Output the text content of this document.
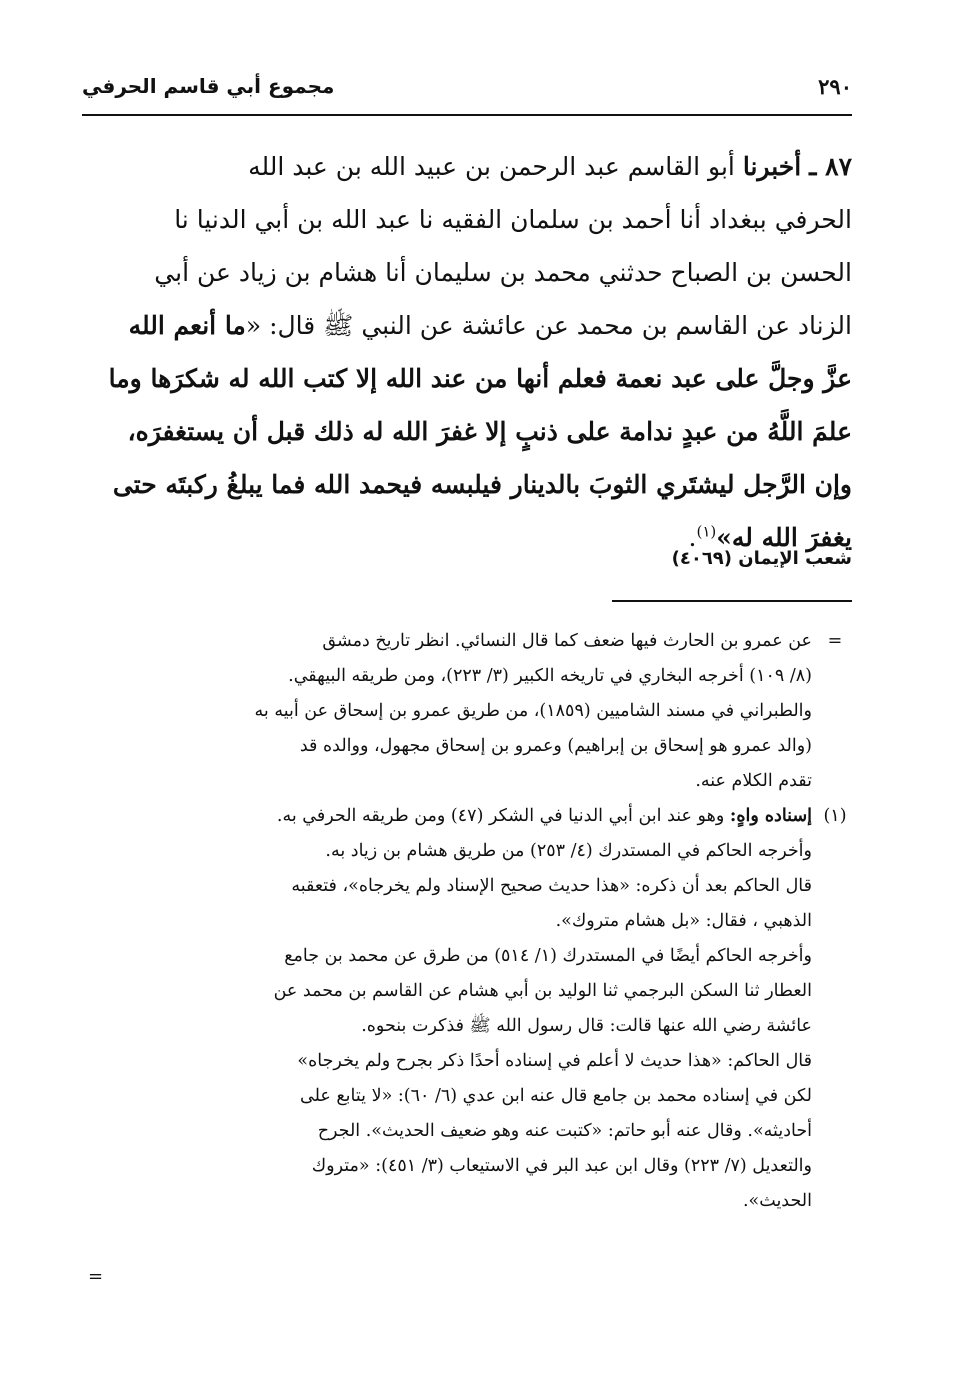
٢٩٠
مجموع أبي قاسم الحرفي
٨٧ ـ أخبرنا أبو القاسم عبد الرحمن بن عبيد الله بن عبد الله
الحرفي ببغداد أنا أحمد بن سلمان الفقيه نا عبد الله بن أبي الدنيا نا
الحسن بن الصباح حدثني محمد بن سليمان أنا هشام بن زياد عن أبي
الزناد عن القاسم بن محمد عن عائشة عن النبي ﷺ قال: «ما أنعم الله
عزَّ وجلَّ على عبد نعمة فعلم أنها من عند الله إلا كتب الله له شكرَها وما
علمَ اللَّهُ من عبدٍ ندامة على ذنبٍ إلا غفرَ الله له ذلك قبل أن يستغفرَه،
وإن الرَّجل ليشتَري الثوبَ بالدينار فيلبسه فيحمد الله فما يبلغُ ركبتَه حتى
يغفرَ الله له»$^{(١)}$.
شعب الإيمان (٤٠٦٩)
=
عن عمرو بن الحارث فيها ضعف كما قال النسائي. انظر تاريخ دمشق
(٨/ ١٠٩) أخرجه البخاري في تاريخه الكبير (٣/ ٢٢٣)، ومن طريقه البيهقي.
والطبراني في مسند الشاميين (١٨٥٩)، من طريق عمرو بن إسحاق عن أبيه به
(والد عمرو هو إسحاق بن إبراهيم) وعمرو بن إسحاق مجهول، ووالده قد
تقدم الكلام عنه.
(١)
إسناده واهٍ: وهو عند ابن أبي الدنيا في الشكر (٤٧) ومن طريقه الحرفي به.
وأخرجه الحاكم في المستدرك (٤/ ٢٥٣) من طريق هشام بن زياد به.
قال الحاكم بعد أن ذكره: «هذا حديث صحيح الإسناد ولم يخرجاه»، فتعقبه
الذهبي ، فقال: «بل هشام متروك».
وأخرجه الحاكم أيضًا في المستدرك (١/ ٥١٤) من طرق عن محمد بن جامع
العطار ثنا السكن البرجمي ثنا الوليد بن أبي هشام عن القاسم بن محمد عن
عائشة رضي الله عنها قالت: قال رسول الله ﷺ فذكرت بنحوه.
قال الحاكم: «هذا حديث لا أعلم في إسناده أحدًا ذكر بجرح ولم يخرجاه»
لكن في إسناده محمد بن جامع قال عنه ابن عدي (٦/ ٦٠): «لا يتابع على
أحاديثه». وقال عنه أبو حاتم: «كتبت عنه وهو ضعيف الحديث». الجرح
والتعديل (٧/ ٢٢٣) وقال ابن عبد البر في الاستيعاب (٣/ ٤٥١): «متروك
الحديث».
=
